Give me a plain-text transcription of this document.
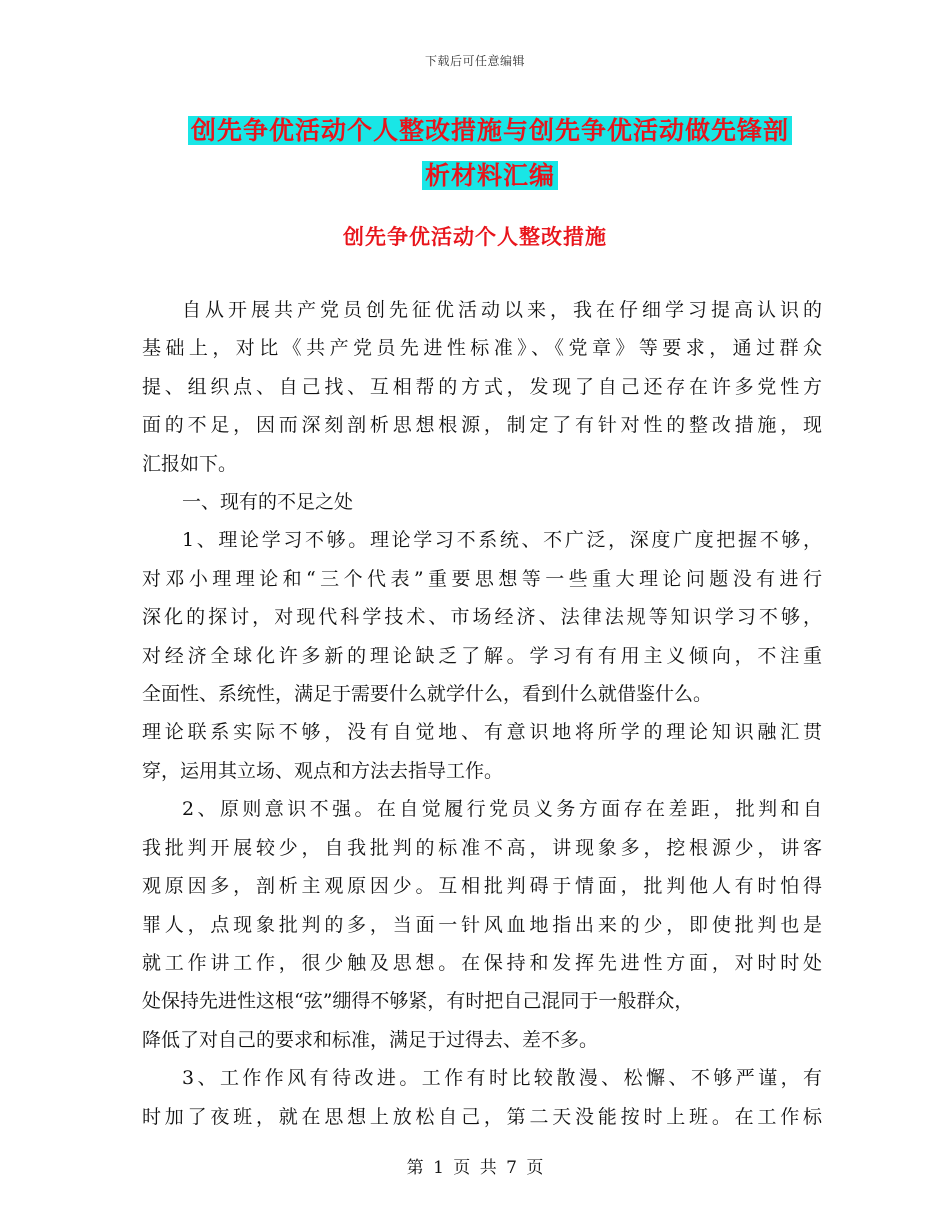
下载后可任意编辑
创先争优活动个人整改措施与创先争优活动做先锋剖
析材料汇编
创先争优活动个人整改措施
自从开展共产党员创先征优活动以来，我在仔细学习提高认识的
基础上，对比《共产党员先进性标准》、《党章》等要求，通过群众
提、组织点、自己找、互相帮的方式，发现了自己还存在许多党性方
面的不足，因而深刻剖析思想根源，制定了有针对性的整改措施，现
汇报如下。
一、现有的不足之处
1、理论学习不够。理论学习不系统、不广泛，深度广度把握不够，
对邓小理理论和“三个代表”重要思想等一些重大理论问题没有进行
深化的探讨，对现代科学技术、市场经济、法律法规等知识学习不够，
对经济全球化许多新的理论缺乏了解。学习有有用主义倾向，不注重
全面性、系统性，满足于需要什么就学什么，看到什么就借鉴什么。
理论联系实际不够，没有自觉地、有意识地将所学的理论知识融汇贯
穿，运用其立场、观点和方法去指导工作。
2、原则意识不强。在自觉履行党员义务方面存在差距，批判和自
我批判开展较少，自我批判的标准不高，讲现象多，挖根源少，讲客
观原因多，剖析主观原因少。互相批判碍于情面，批判他人有时怕得
罪人，点现象批判的多，当面一针风血地指出来的少，即使批判也是
就工作讲工作，很少触及思想。在保持和发挥先进性方面，对时时处
处保持先进性这根“弦”绷得不够紧，有时把自己混同于一般群众，
降低了对自己的要求和标准，满足于过得去、差不多。
3、工作作风有待改进。工作有时比较散漫、松懈、不够严谨，有
时加了夜班，就在思想上放松自己，第二天没能按时上班。在工作标
第 1 页 共 7 页
